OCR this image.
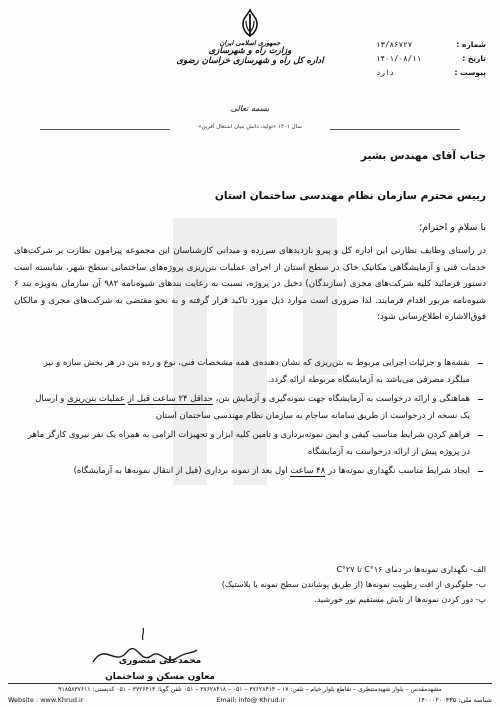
جمهوری اسلامی ایران
وزارت راه و شهرسازی
اداره کل راه و شهرسازی خراسان رضوی
شماره :
۱۳/۸۶۷۲۷
تاریخ :
۱۴۰۱/۰۸/۱۱
پیوست :
دارد
بسمه تعالی
سال ۱۴۰۱ «تولید، دانش بنیان اشتغال آفرین»
جناب آقای مهندس بشیر
رییس محترم سازمان نظام مهندسی ساختمان استان
با سلام و احترام؛
در راستای وظایف نظارتی این اداره کل و پیرو بازدیدهای سرزده و میدانی کارشناسان این مجموعه پیرامون نظارت بر شرکت‌های خدمات فنی و آزمایشگاهی مکانیک خاک در سطح استان از اجرای عملیات بتن‌ریزی پروژه‌های ساختمانی سطح شهر، شایسته است دستور فرمائید کلیه شرکت‌های مجری (سازندگان) دخیل در پروژه، نسبت به رعایت بندهای شیوه‌نامه ۹۸۲ آن سازمان به‌ویژه بند ۶ شیوه‌نامه مزبور اقدام فرمایند. لذا ضروری است موارد ذیل مورد تاکید قرار گرفته و به نحو مقتضی به شرکت‌های مجری و مالکان فوق‌الاشاره اطلاع‌رسانی شود:
نقشه‌ها و جزئیات اجرایی مربوط به بتن‌ریزی که نشان دهنده‌ی همه مشخصات فنی، نوع و رده بتن در هر بخش سازه و نیز میلگرد مصرفی می‌باشد به آزمایشگاه مربوطه ارائه گردد.
هماهنگی و ارائه درخواست به آزمایشگاه جهت نمونه‌گیری و آزمایش بتن، حداقل ۲۴ ساعت قبل از عملیات بتن‌ریزی و ارسال یک نسخه از درخواست از طریق سامانه ساجام به سازمان نظام مهندسی ساختمان استان
فراهم کردن شرایط مناسب کیفی و ایمن نمونه‌برداری و تامین کلیه ابزار و تجهیزات الزامی به همراه یک نفر نیروی کارگر ماهر در پروژه پیش از ارائه درخواست به آزمایشگاه
ایجاد شرایط مناسب نگهداری نمونه‌ها در ۴۸ ساعت اول بعد از نمونه برداری (قبل از انتقال نمونه‌ها به آزمایشگاه)
الف- نگهداری نمونه‌ها در دمای ۱۶°C تا ۲۷°C
ب- جلوگیری از افت رطوبت نمونه‌ها (از طریق پوشاندن سطح نمونه با پلاستیک)
پ- دور کردن نمونه‌ها از تابش مستقیم نور خورشید.
محمدعلی منصوری
معاون مسکن و ساختمان
مشهدمقدس – بلوار شهیدمنتظری – تقاطع بلوار خیام – تلفن: ۱۷ – ۳۷۶۲۸۴۱۴ – ۰۵۱ – ۳۷۶۲۸۴۱۸ – ۰۵۱ تلفن گویا: ۳۷۲۶۴۱۳ – ۰۵۱ کدپستی: ۹۱۸۵۸۳۷۶۱۱
Website : www.Khrud.ir	Email: info@ Khrud.ir	شناسه ملی: ۱۴۰۰۰۲۰۰۴۳۵
